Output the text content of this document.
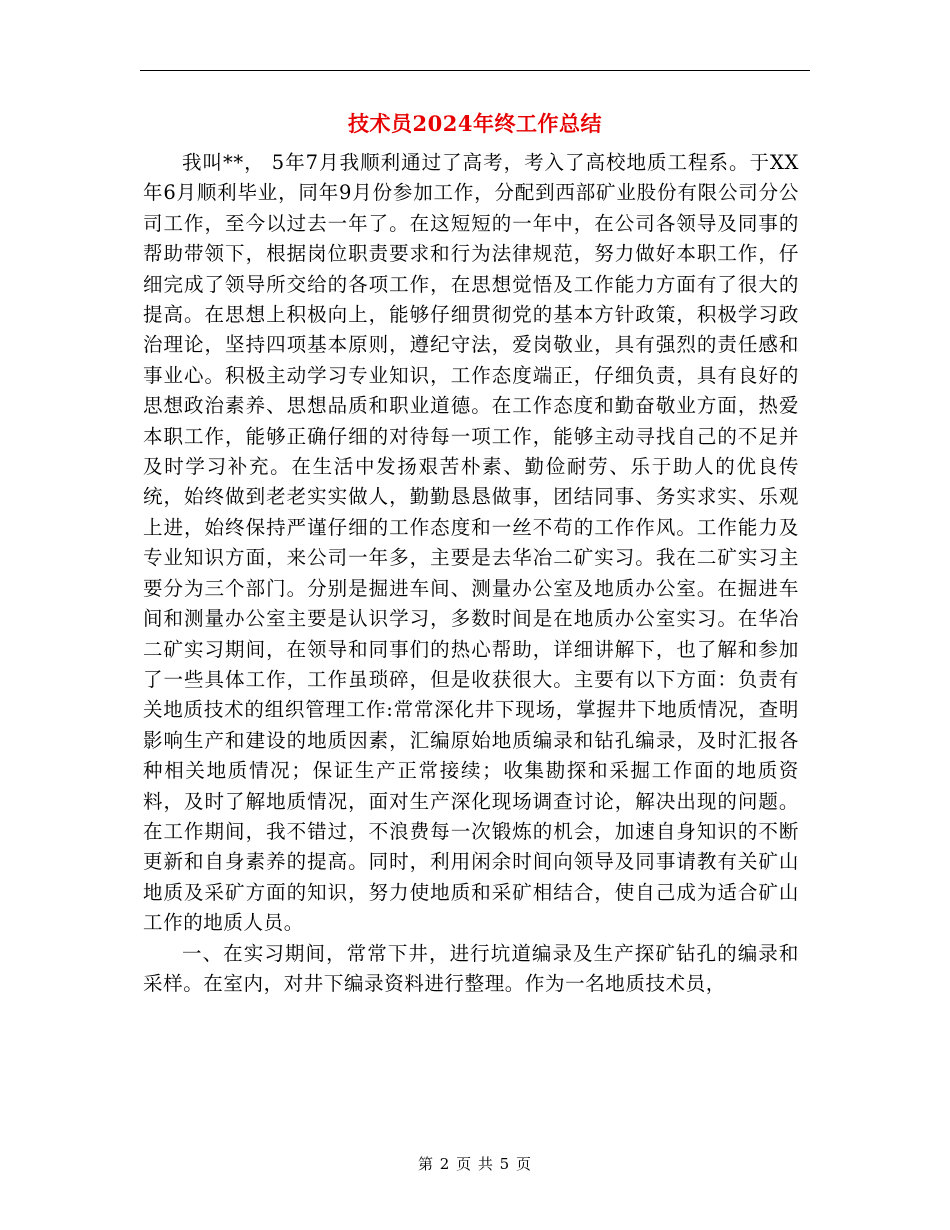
技术员2024年终工作总结

我叫**， 5年7月我顺利通过了高考，考入了高校地质工程系。于XX年6月顺利毕业，同年9月份参加工作，分配到西部矿业股份有限公司分公司工作，至今以过去一年了。在这短短的一年中，在公司各领导及同事的帮助带领下，根据岗位职责要求和行为法律规范，努力做好本职工作，仔细完成了领导所交给的各项工作，在思想觉悟及工作能力方面有了很大的提高。在思想上积极向上，能够仔细贯彻党的基本方针政策，积极学习政治理论，坚持四项基本原则，遵纪守法，爱岗敬业，具有强烈的责任感和事业心。积极主动学习专业知识，工作态度端正，仔细负责，具有良好的思想政治素养、思想品质和职业道德。在工作态度和勤奋敬业方面，热爱本职工作，能够正确仔细的对待每一项工作，能够主动寻找自己的不足并及时学习补充。在生活中发扬艰苦朴素、勤俭耐劳、乐于助人的优良传统，始终做到老老实实做人，勤勤恳恳做事，团结同事、务实求实、乐观上进，始终保持严谨仔细的工作态度和一丝不苟的工作作风。工作能力及专业知识方面，来公司一年多，主要是去华冶二矿实习。我在二矿实习主要分为三个部门。分别是掘进车间、测量办公室及地质办公室。在掘进车间和测量办公室主要是认识学习，多数时间是在地质办公室实习。在华冶二矿实习期间，在领导和同事们的热心帮助，详细讲解下，也了解和参加了一些具体工作，工作虽琐碎，但是收获很大。主要有以下方面：负责有关地质技术的组织管理工作:常常深化井下现场，掌握井下地质情况，查明影响生产和建设的地质因素，汇编原始地质编录和钻孔编录，及时汇报各种相关地质情况；保证生产正常接续；收集勘探和采掘工作面的地质资料，及时了解地质情况，面对生产深化现场调查讨论，解决出现的问题。在工作期间，我不错过，不浪费每一次锻炼的机会，加速自身知识的不断更新和自身素养的提高。同时，利用闲余时间向领导及同事请教有关矿山地质及采矿方面的知识，努力使地质和采矿相结合，使自己成为适合矿山工作的地质人员。

一、在实习期间，常常下井，进行坑道编录及生产探矿钻孔的编录和采样。在室内，对井下编录资料进行整理。作为一名地质技术员，

第 2 页 共 5 页
